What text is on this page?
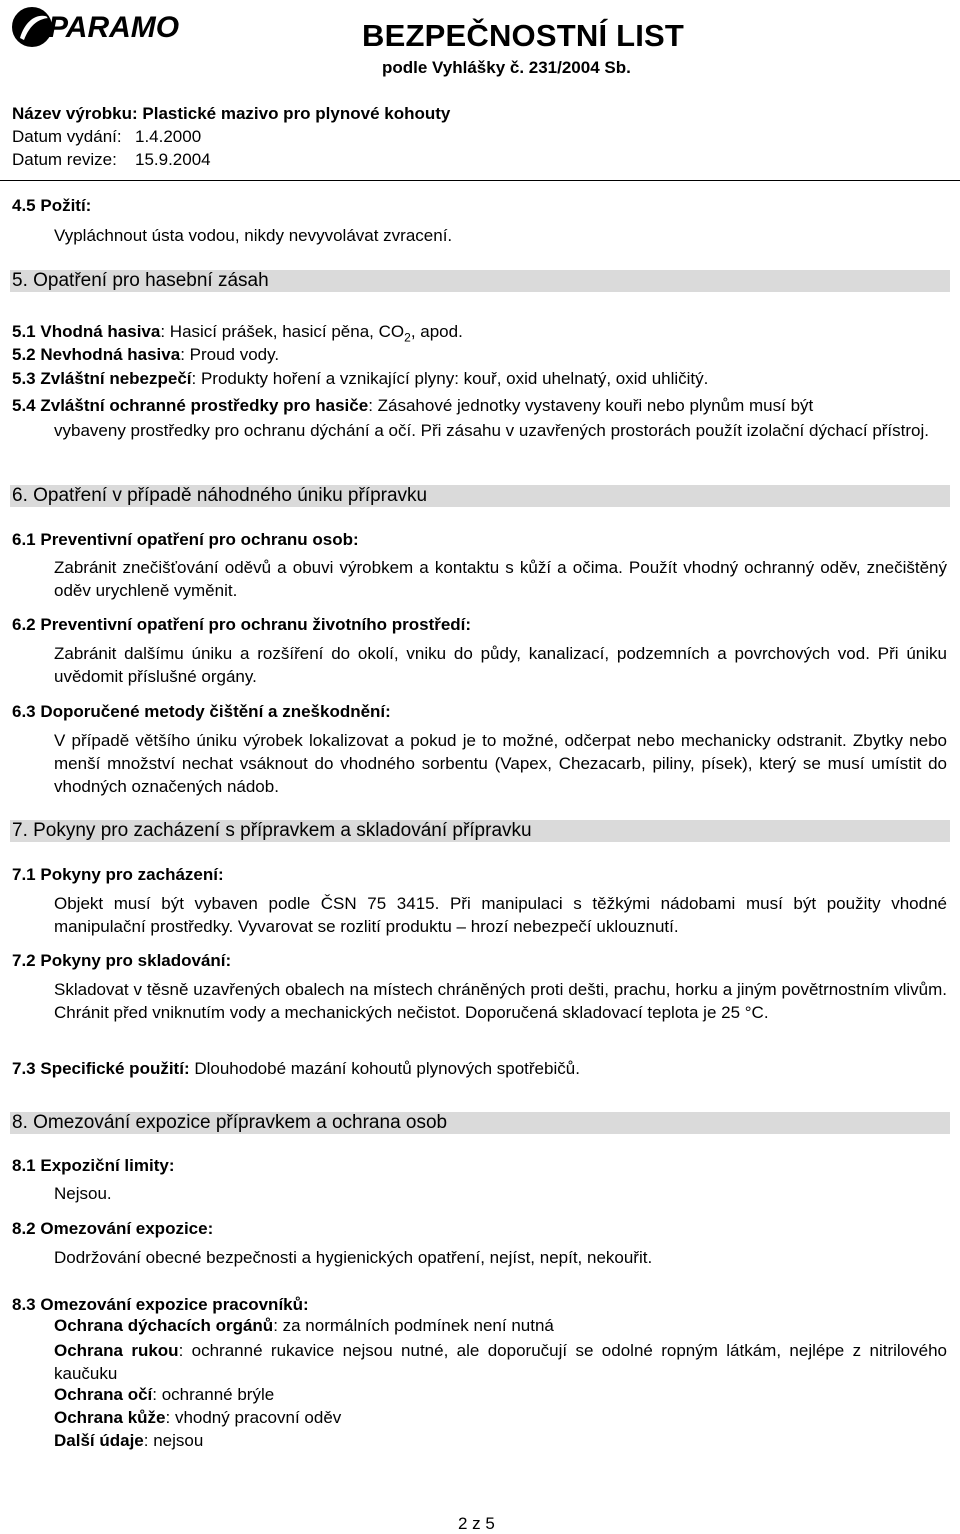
PARAMO	BEZPEČNOSTNÍ LIST
podle Vyhlášky č. 231/2004 Sb.
Název výrobku: Plastické mazivo pro plynové kohouty
Datum vydání: 1.4.2000
Datum revize: 15.9.2004
4.5 Požití:
Vypláchnout ústa vodou, nikdy nevyvolávat zvracení.
5. Opatření pro hasební zásah
5.1 Vhodná hasiva: Hasicí prášek, hasicí pěna, $CO_2$, apod.
5.2 Nevhodná hasiva: Proud vody.
5.3 Zvláštní nebezpečí: Produkty hoření a vznikající plyny: kouř, oxid uhelnatý, oxid uhličitý.
5.4 Zvláštní ochranné prostředky pro hasiče: Zásahové jednotky vystaveny kouři nebo plynům musí být
vybaveny prostředky pro ochranu dýchání a očí. Při zásahu v uzavřených prostorách použít izolační dýchací přístroj.
6. Opatření v případě náhodného úniku přípravku
6.1 Preventivní opatření pro ochranu osob:
Zabránit znečišťování oděvů a obuvi výrobkem a kontaktu s kůží a očima. Použít vhodný ochranný oděv, znečištěný oděv urychleně vyměnit.
6.2 Preventivní opatření pro ochranu životního prostředí:
Zabránit dalšímu úniku a rozšíření do okolí, vniku do půdy, kanalizací, podzemních a povrchových vod. Při úniku uvědomit příslušné orgány.
6.3 Doporučené metody čištění a zneškodnění:
V případě většího úniku výrobek lokalizovat a pokud je to možné, odčerpat nebo mechanicky odstranit. Zbytky nebo menší množství nechat vsáknout do vhodného sorbentu (Vapex, Chezacarb, piliny, písek), který se musí umístit do vhodných označených nádob.
7. Pokyny pro zacházení s přípravkem a skladování přípravku
7.1 Pokyny pro zacházení:
Objekt musí být vybaven podle ČSN 75 3415. Při manipulaci s těžkými nádobami musí být použity vhodné manipulační prostředky. Vyvarovat se rozlití produktu – hrozí nebezpečí uklouznutí.
7.2 Pokyny pro skladování:
Skladovat v těsně uzavřených obalech na místech chráněných proti dešti, prachu, horku a jiným povětrnostním vlivům. Chránit před vniknutím vody a mechanických nečistot. Doporučená skladovací teplota je 25 °C.
7.3 Specifické použití: Dlouhodobé mazání kohoutů plynových spotřebičů.
8. Omezování expozice přípravkem a ochrana osob
8.1 Expoziční limity:
Nejsou.
8.2 Omezování expozice:
Dodržování obecné bezpečnosti a hygienických opatření, nejíst, nepít, nekouřit.
8.3 Omezování expozice pracovníků:
Ochrana dýchacích orgánů: za normálních podmínek není nutná
Ochrana rukou: ochranné rukavice nejsou nutné, ale doporučují se odolné ropným látkám, nejlépe z nitrilového kaučuku
Ochrana očí: ochranné brýle
Ochrana kůže: vhodný pracovní oděv
Další údaje: nejsou
2 z 5
